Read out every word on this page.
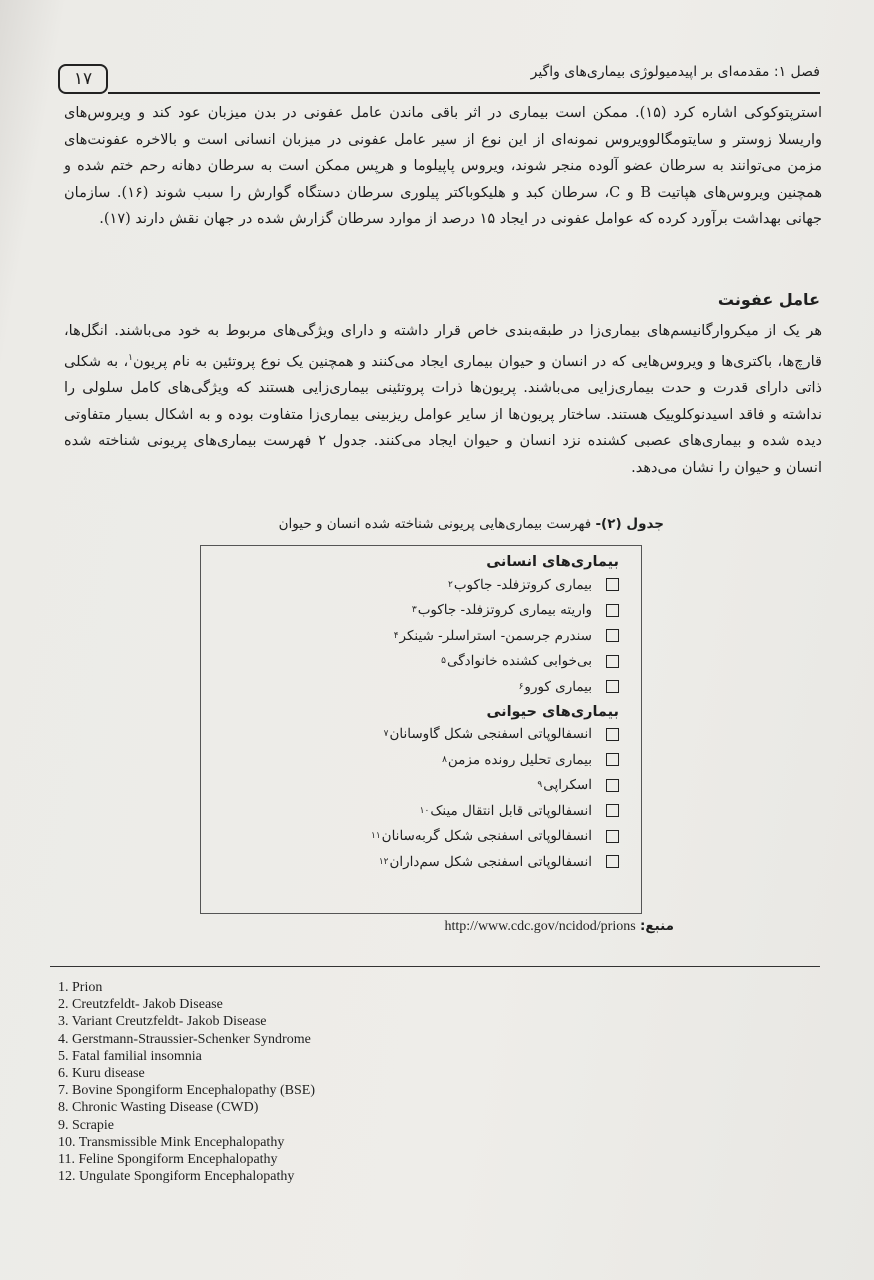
۱۷	فصل ۱: مقدمه‌ای بر اپیدمیولوژی بیماری‌های واگیر

استرپتوکوکی اشاره کرد (۱۵). ممکن است بیماری در اثر باقی ماندن عامل عفونی در بدن میزبان عود کند و ویروس‌های واریسلا زوستر و سایتومگالوویروس نمونه‌ای از این نوع از سیر عامل عفونی در میزبان انسانی است و بالاخره عفونت‌های مزمن می‌توانند به سرطان عضو آلوده منجر شوند، ویروس پاپیلوما و هرپس ممکن است به سرطان دهانه رحم ختم شده و همچنین ویروس‌های هپاتیت B و C، سرطان کبد و هلیکوباکتر پیلوری سرطان دستگاه گوارش را سبب شوند (۱۶). سازمان جهانی بهداشت برآورد کرده که عوامل عفونی در ایجاد ۱۵ درصد از موارد سرطان گزارش شده در جهان نقش دارند (۱۷).

عامل عفونت

هر یک از میکروارگانیسم‌های بیماری‌زا در طبقه‌بندی خاص قرار داشته و دارای ویژگی‌های مربوط به خود می‌باشند. انگل‌ها، قارچ‌ها، باکتری‌ها و ویروس‌هایی که در انسان و حیوان بیماری ایجاد می‌کنند و همچنین یک نوع پروتئین به نام پریون$^۱$، به شکلی ذاتی دارای قدرت و حدت بیماری‌زایی می‌باشند. پریون‌ها ذرات پروتئینی بیماری‌زایی هستند که ویژگی‌های کامل سلولی را نداشته و فاقد اسیدنوکلوییک هستند. ساختار پریون‌ها از سایر عوامل ریزبینی بیماری‌زا متفاوت بوده و به اشکال بسیار متفاوتی دیده شده و بیماری‌های عصبی کشنده نزد انسان و حیوان ایجاد می‌کنند. جدول ۲ فهرست بیماری‌های پریونی شناخته شده انسان و حیوان را نشان می‌دهد.

جدول (۲)- فهرست بیماری‌هایی پریونی شناخته شده انسان و حیوان
بیماری‌های انسانی
بیماری کروتزفلد- جاکوب
۲
واریته بیماری کروتزفلد- جاکوب
۳
سندرم جرسمن- استراسلر- شینکر
۴
بی‌خوابی کشنده خانوادگی
۵
بیماری کورو
۶
بیماری‌های حیوانی
انسفالوپاتی اسفنجی شکل گاوسانان
۷
بیماری تحلیل رونده مزمن
۸
اسکراپی
۹
انسفالوپاتی قابل انتقال مینک
۱۰
انسفالوپاتی اسفنجی شکل گربه‌سانان
۱۱
انسفالوپاتی اسفنجی شکل سم‌داران
۱۲
منبع: http://www.cdc.gov/ncidod/prions
1. Prion
2. Creutzfeldt- Jakob Disease
3. Variant Creutzfeldt- Jakob Disease
4. Gerstmann-Straussier-Schenker Syndrome
5. Fatal familial insomnia
6. Kuru disease
7. Bovine Spongiform Encephalopathy (BSE)
8. Chronic Wasting Disease (CWD)
9. Scrapie
10. Transmissible Mink Encephalopathy
11. Feline Spongiform Encephalopathy
12. Ungulate Spongiform Encephalopathy
